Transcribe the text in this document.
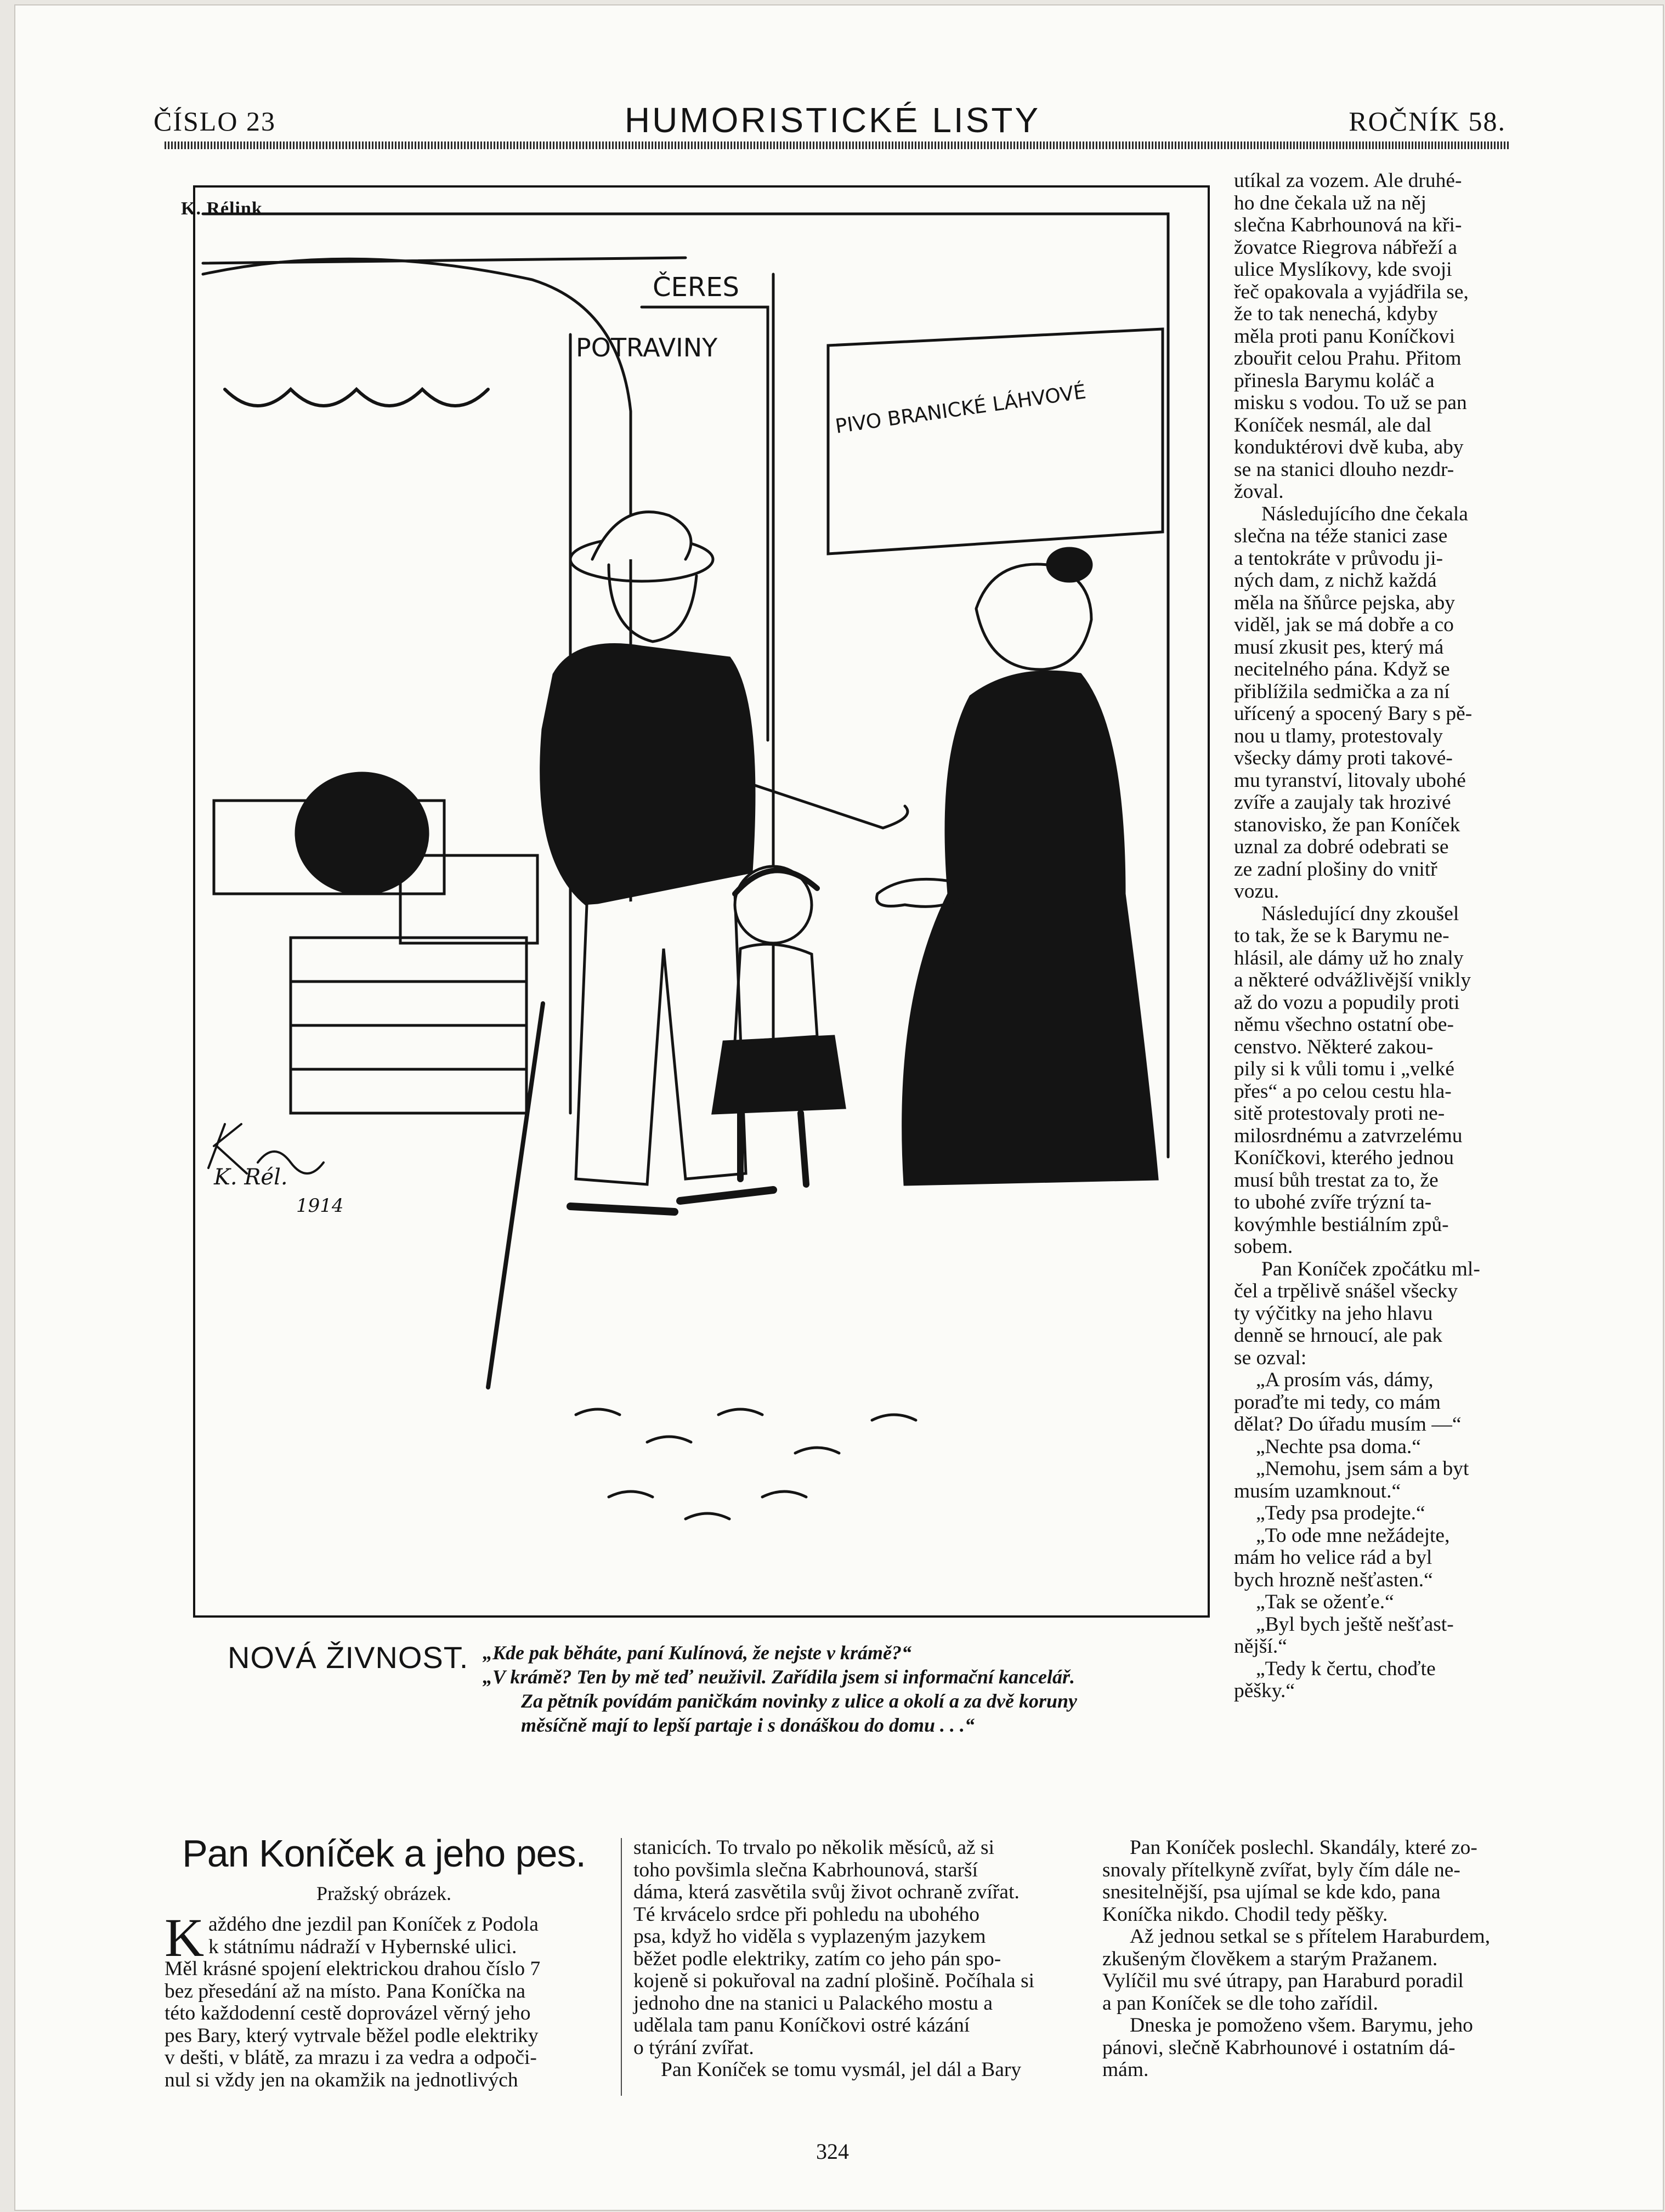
ČÍSLO 23	HUMORISTICKÉ LISTY	ROČNÍK 58.
K. Rélink
ČERES
POTRAVINY
PIVO BRANICKÉ LÁHVOVÉ
K. Rél.
1914
NOVÁ ŽIVNOST. „Kde pak běháte, paní Kulínová, že nejste v krámě?“
„V krámě? Ten by mě teď neuživil. Zařídila jsem si informační kancelář.
Za pětník povídám paničkám novinky z ulice a okolí a za dvě koruny
měsíčně mají to lepší partaje i s donáškou do domu . . .“
utíkal za vozem. Ale druhé-
ho dne čekala už na něj
slečna Kabrhounová na kři-
žovatce Riegrova nábřeží a
ulice Myslíkovy, kde svoji
řeč opakovala a vyjádřila se,
že to tak nenechá, kdyby
měla proti panu Koníčkovi
zbouřit celou Prahu. Přitom
přinesla Barymu koláč a
misku s vodou. To už se pan
Koníček nesmál, ale dal
konduktérovi dvě kuba, aby
se na stanici dlouho nezdr-
žoval.
Následujícího dne čekala
slečna na téže stanici zase
a tentokráte v průvodu ji-
ných dam, z nichž každá
měla na šňůrce pejska, aby
viděl, jak se má dobře a co
musí zkusit pes, který má
necitelného pána. Když se
přiblížila sedmička a za ní
uřícený a spocený Bary s pě-
nou u tlamy, protestovaly
všecky dámy proti takové-
mu tyranství, litovaly ubohé
zvíře a zaujaly tak hrozivé
stanovisko, že pan Koníček
uznal za dobré odebrati se
ze zadní plošiny do vnitř
vozu.
Následující dny zkoušel
to tak, že se k Barymu ne-
hlásil, ale dámy už ho znaly
a některé odvážlivější vnikly
až do vozu a popudily proti
němu všechno ostatní obe-
censtvo. Některé zakou-
pily si k vůli tomu i „velké
přes“ a po celou cestu hla-
sitě protestovaly proti ne-
milosrdnému a zatvrzelému
Koníčkovi, kterého jednou
musí bůh trestat za to, že
to ubohé zvíře trýzní ta-
kovýmhle bestiálním způ-
sobem.
Pan Koníček zpočátku ml-
čel a trpělivě snášel všecky
ty výčitky na jeho hlavu
denně se hrnoucí, ale pak
se ozval:
„A prosím vás, dámy,
poraďte mi tedy, co mám
dělat? Do úřadu musím —“
„Nechte psa doma.“
„Nemohu, jsem sám a byt
musím uzamknout.“
„Tedy psa prodejte.“
„To ode mne nežádejte,
mám ho velice rád a byl
bych hrozně nešťasten.“
„Tak se oženťe.“
„Byl bych ještě nešťast-
nější.“
„Tedy k čertu, choďte
pěšky.“
Pan Koníček a jeho pes.
Pražský obrázek.
K aždého dne jezdil pan Koníček z Podola
k státnímu nádraží v Hybernské ulici.
Měl krásné spojení elektrickou drahou číslo 7
bez přesedání až na místo. Pana Koníčka na
této každodenní cestě doprovázel věrný jeho
pes Bary, který vytrvale běžel podle elektriky
v dešti, v blátě, za mrazu i za vedra a odpoči-
nul si vždy jen na okamžik na jednotlivých
stanicích. To trvalo po několik měsíců, až si
toho povšimla slečna Kabrhounová, starší
dáma, která zasvětila svůj život ochraně zvířat.
Té krvácelo srdce při pohledu na ubohého
psa, když ho viděla s vyplazeným jazykem
běžet podle elektriky, zatím co jeho pán spo-
kojeně si pokuřoval na zadní plošině. Počíhala si
jednoho dne na stanici u Palackého mostu a
udělala tam panu Koníčkovi ostré kázání
o týrání zvířat.
Pan Koníček se tomu vysmál, jel dál a Bary
Pan Koníček poslechl. Skandály, které zo-
snovaly přítelkyně zvířat, byly čím dále ne-
snesitelnější, psa ujímal se kde kdo, pana
Koníčka nikdo. Chodil tedy pěšky.
Až jednou setkal se s přítelem Haraburdem,
zkušeným člověkem a starým Pražanem.
Vylíčil mu své útrapy, pan Haraburd poradil
a pan Koníček se dle toho zařídil.
Dneska je pomoženo všem. Barymu, jeho
pánovi, slečně Kabrhounové i ostatním dá-
mám.
324
